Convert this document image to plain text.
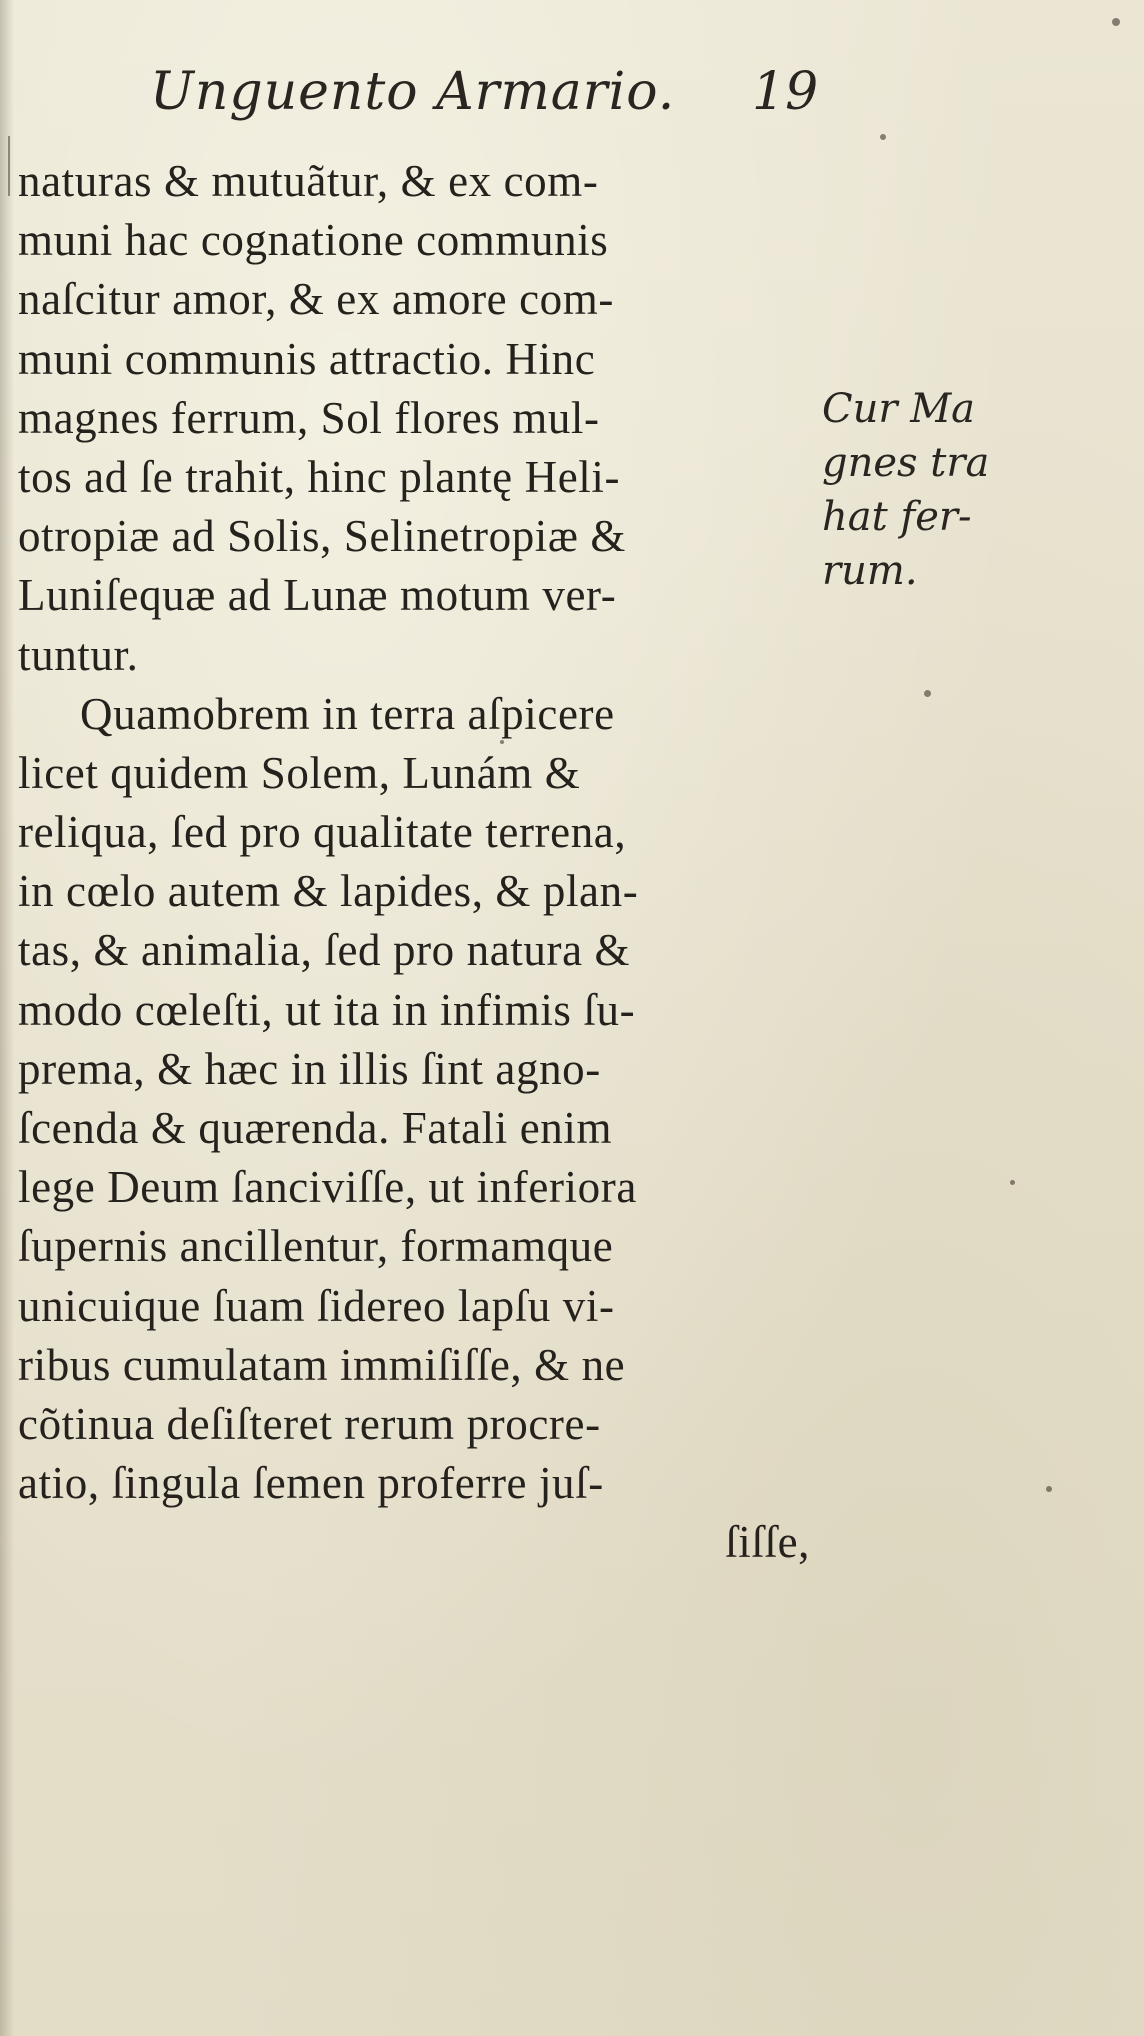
Unguento Armario. 19
naturas & mutuãtur, & ex com-
muni hac cognatione communis
naſcitur amor, & ex amore com-
muni communis attractio. Hinc
magnes ferrum, Sol flores mul-
tos ad ſe trahit, hinc plantę Heli-
otropiæ ad Solis, Selinetropiæ &
Luniſequæ ad Lunæ motum ver-
tuntur.
Quamobrem in terra aſpicere
licet quidem Solem, Lunám &
reliqua, ſed pro qualitate terrena,
in cœlo autem & lapides, & plan-
tas, & animalia, ſed pro natura &
modo cœleſti, ut ita in infimis ſu-
prema, & hæc in illis ſint agno-
ſcenda & quærenda. Fatali enim
lege Deum ſanciviſſe, ut inferiora
ſupernis ancillentur, formamque
unicuique ſuam ſidereo lapſu vi-
ribus cumulatam immiſiſſe, & ne
cõtinua deſiſteret rerum procre-
atio, ſingula ſemen proferre juſ-
ſiſſe,
Cur Ma
gnes tra
hat fer-
rum.
